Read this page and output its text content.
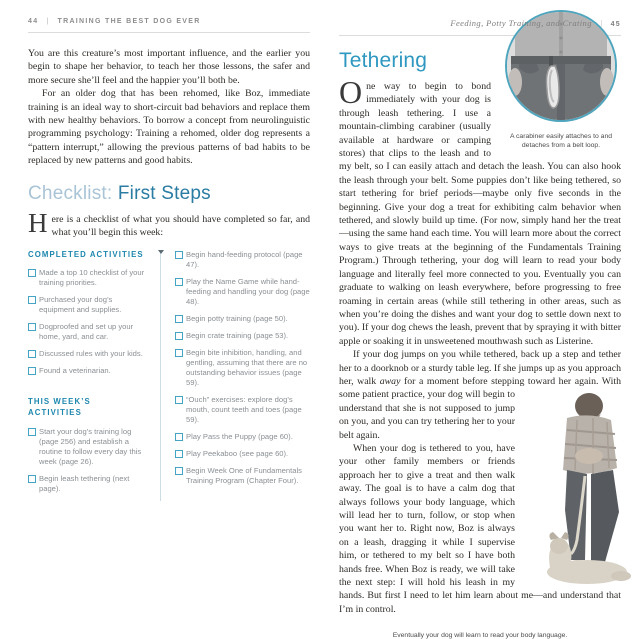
44 | TRAINING THE BEST DOG EVER

You are this creature’s most important influence, and the earlier you begin to shape her behavior, to teach her those lessons, the safer and more secure she’ll feel and the happier you’ll both be.

For an older dog that has been rehomed, like Boz, immediate training is an ideal way to short-circuit bad behaviors and replace them with new healthy behaviors. To borrow a concept from neurolinguistic programming psychology: Training a rehomed, older dog represents a “pattern interrupt,” allowing the previous patterns of bad habits to be replaced by new patterns and good habits.

Checklist: First Steps

Here is a checklist of what you should have completed so far, and what you’ll begin this week:

COMPLETED ACTIVITIES
Made a top 10 checklist of your training priorities.
Purchased your dog’s equipment and supplies.
Dogproofed and set up your home, yard, and car.
Discussed rules with your kids.
Found a veterinarian.
THIS WEEK’S ACTIVITIES
Start your dog’s training log (page 256) and establish a routine to follow every day this week (page 26).
Begin leash tethering (next page).
Begin hand-feeding protocol (page 47).
Play the Name Game while hand-feeding and handling your dog (page 48).
Begin potty training (page 50).
Begin crate training (page 53).
Begin bite inhibition, handling, and gentling, assuming that there are no outstanding behavior issues (page 59).
“Ouch” exercises: explore dog’s mouth, count teeth and toes (page 59).
Play Pass the Puppy (page 60).
Play Peekaboo (see page 60).
Begin Week One of Fundamentals Training Program (Chapter Four).
Feeding, Potty Training, and Crating | 45
A carabiner easily attaches to and detaches from a belt loop.
Tethering

One way to begin to bond immediately with your dog is through leash tethering. I use a mountain-climbing carabiner (usually available at hardware or camping stores) that clips to the leash and to my belt, so I can easily attach and detach the leash. You can also hook the leash through your belt. Some puppies don’t like being tethered, so start tethering for brief periods—maybe only five seconds in the beginning. Give your dog a treat for exhibiting calm behavior when tethered, and slowly build up time. (For now, simply hand her the treat—using the same hand each time. You will learn more about the correct ways to give treats at the beginning of the Fundamentals Training Program.) Through tethering, your dog will learn to read your body language and literally feel more connected to you. Eventually you can graduate to walking on leash everywhere, before progressing to free roaming in certain areas (while still tethering in other areas, such as when you’re doing the dishes and want your dog to settle down next to you). If your dog chews the leash, prevent that by spraying it with bitter apple or soaking it in unsweetened mouthwash such as Listerine.

If your dog jumps on you while tethered, back up a step and tether her to a doorknob or a sturdy table leg. If she jumps up as you approach her, walk away for a moment before stepping toward her again. With some patient
practice, your dog will begin to understand that she is not supposed to jump on you, and you can try tethering her to your belt again.

When your dog is tethered to you, have your other family members or friends approach her to give a treat and then walk away. The goal is to have a calm dog that always follows your body language, which will lead her to turn, follow, or stop when you want her to. Right now, Boz is always on a leash, dragging it while I supervise him, or tethered to my belt so I have both hands free. When Boz is ready, we will take the next step: I will hold his leash in my hands. But first I need to let him learn about me—and understand that I’m in control.

Eventually your dog will learn to read your body language.
